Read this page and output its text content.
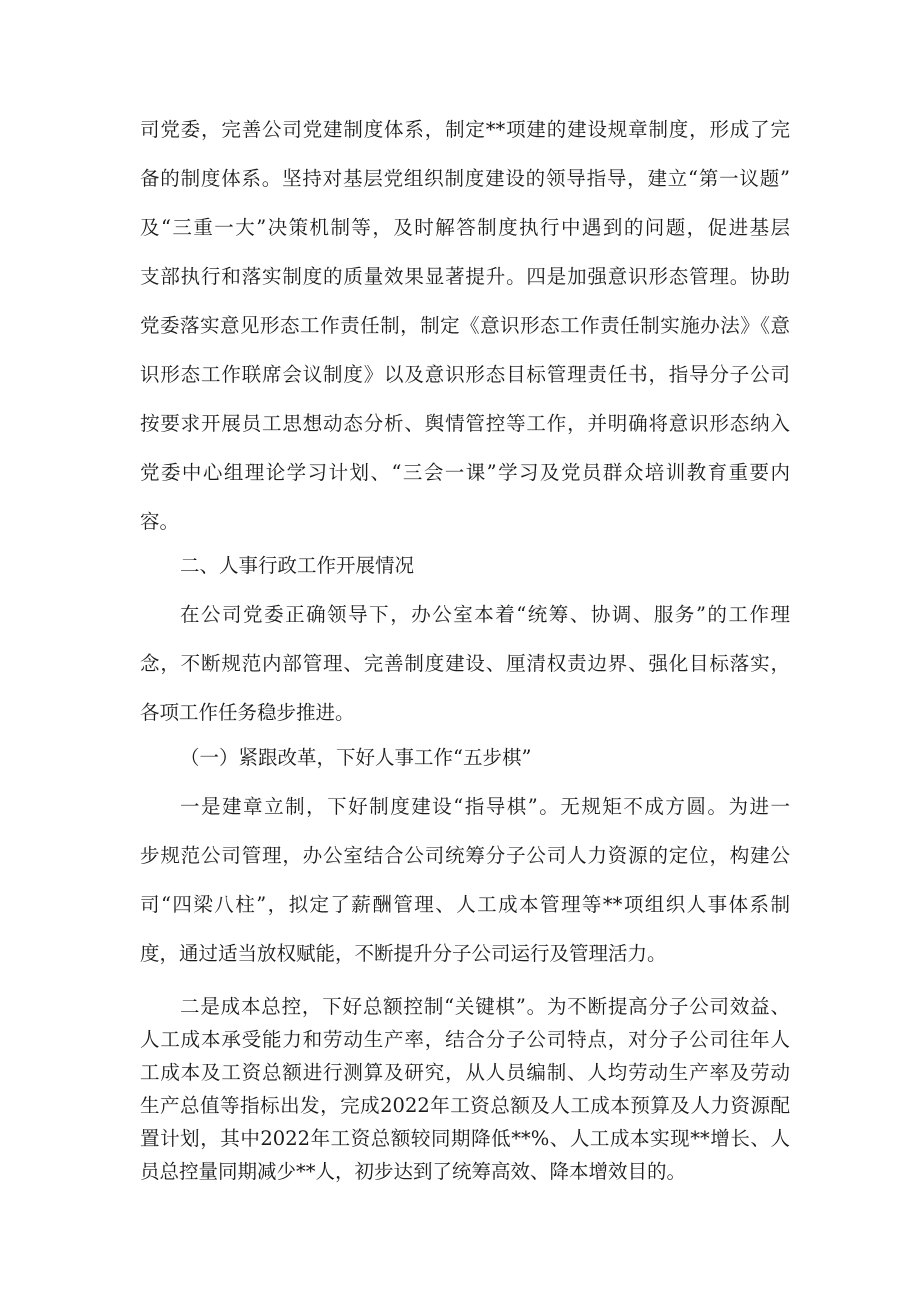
司党委，完善公司党建制度体系，制定**项建的建设规章制度，形成了完
备的制度体系。坚持对基层党组织制度建设的领导指导，建立“第一议题”
及“三重一大”决策机制等，及时解答制度执行中遇到的问题，促进基层
支部执行和落实制度的质量效果显著提升。四是加强意识形态管理。协助
党委落实意见形态工作责任制，制定《意识形态工作责任制实施办法》《意
识形态工作联席会议制度》以及意识形态目标管理责任书，指导分子公司
按要求开展员工思想动态分析、舆情管控等工作，并明确将意识形态纳入
党委中心组理论学习计划、“三会一课”学习及党员群众培训教育重要内
容。
二、人事行政工作开展情况
在公司党委正确领导下，办公室本着“统筹、协调、服务”的工作理
念，不断规范内部管理、完善制度建设、厘清权责边界、强化目标落实，
各项工作任务稳步推进。
（一）紧跟改革，下好人事工作“五步棋”
一是建章立制，下好制度建设“指导棋”。无规矩不成方圆。为进一
步规范公司管理，办公室结合公司统筹分子公司人力资源的定位，构建公
司“四梁八柱”，拟定了薪酬管理、人工成本管理等**项组织人事体系制
度，通过适当放权赋能，不断提升分子公司运行及管理活力。
二是成本总控，下好总额控制“关键棋”。为不断提高分子公司效益、
人工成本承受能力和劳动生产率，结合分子公司特点，对分子公司往年人
工成本及工资总额进行测算及研究，从人员编制、人均劳动生产率及劳动
生产总值等指标出发，完成2022年工资总额及人工成本预算及人力资源配
置计划，其中2022年工资总额较同期降低**%、人工成本实现**增长、人
员总控量同期减少**人，初步达到了统筹高效、降本增效目的。
